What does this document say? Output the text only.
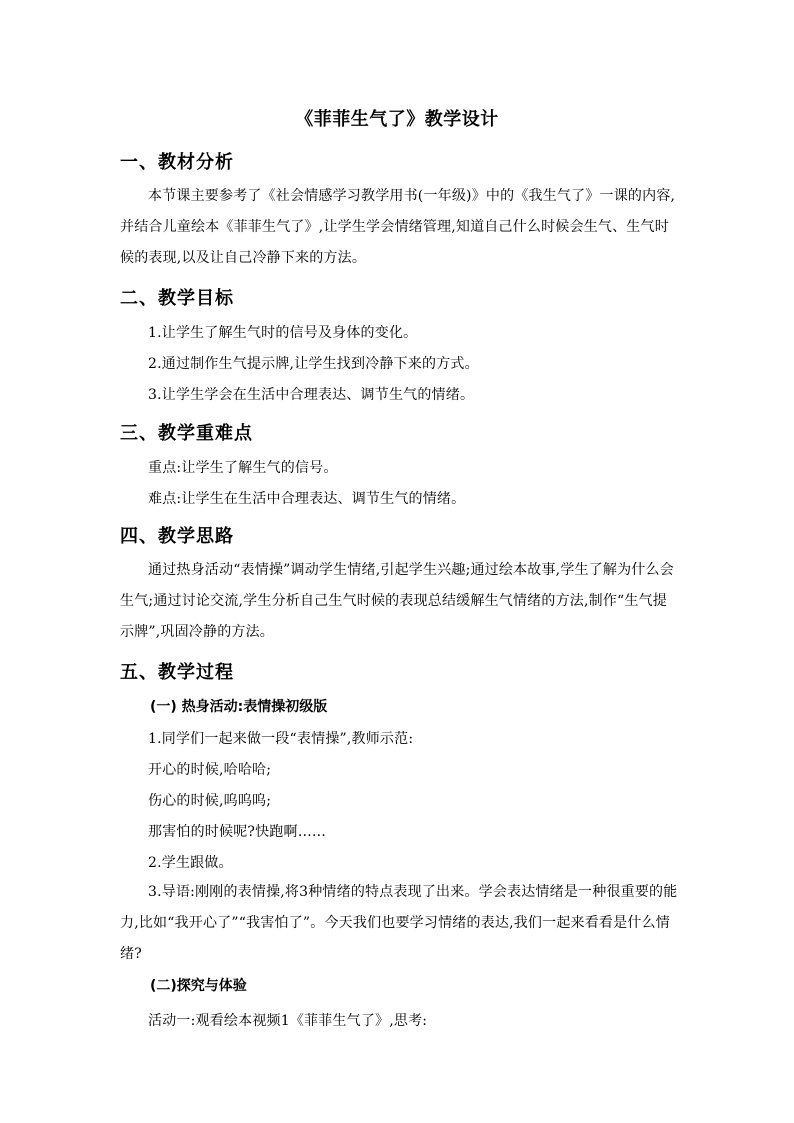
《菲菲生气了》教学设计
一、教材分析
本节课主要参考了《社会情感学习教学用书(一年级)》中的《我生气了》一课的内容,并结合儿童绘本《菲菲生气了》,让学生学会情绪管理,知道自己什么时候会生气、生气时候的表现,以及让自己冷静下来的方法。
二、教学目标
1.让学生了解生气时的信号及身体的变化。
2.通过制作生气提示牌,让学生找到冷静下来的方式。
3.让学生学会在生活中合理表达、调节生气的情绪。
三、教学重难点
重点:让学生了解生气的信号。
难点:让学生在生活中合理表达、调节生气的情绪。
四、教学思路
通过热身活动“表情操”调动学生情绪,引起学生兴趣;通过绘本故事,学生了解为什么会生气;通过讨论交流,学生分析自己生气时候的表现总结缓解生气情绪的方法,制作“生气提示牌”,巩固冷静的方法。
五、教学过程
(一) 热身活动:表情操初级版
1.同学们一起来做一段“表情操”,教师示范:
开心的时候,哈哈哈;
伤心的时候,呜呜呜;
那害怕的时候呢?快跑啊……
2.学生跟做。
3.导语:刚刚的表情操,将3种情绪的特点表现了出来。学会表达情绪是一种很重要的能力,比如“我开心了”“我害怕了”。今天我们也要学习情绪的表达,我们一起来看看是什么情绪?
(二)探究与体验
活动一:观看绘本视频1《菲菲生气了》,思考:
